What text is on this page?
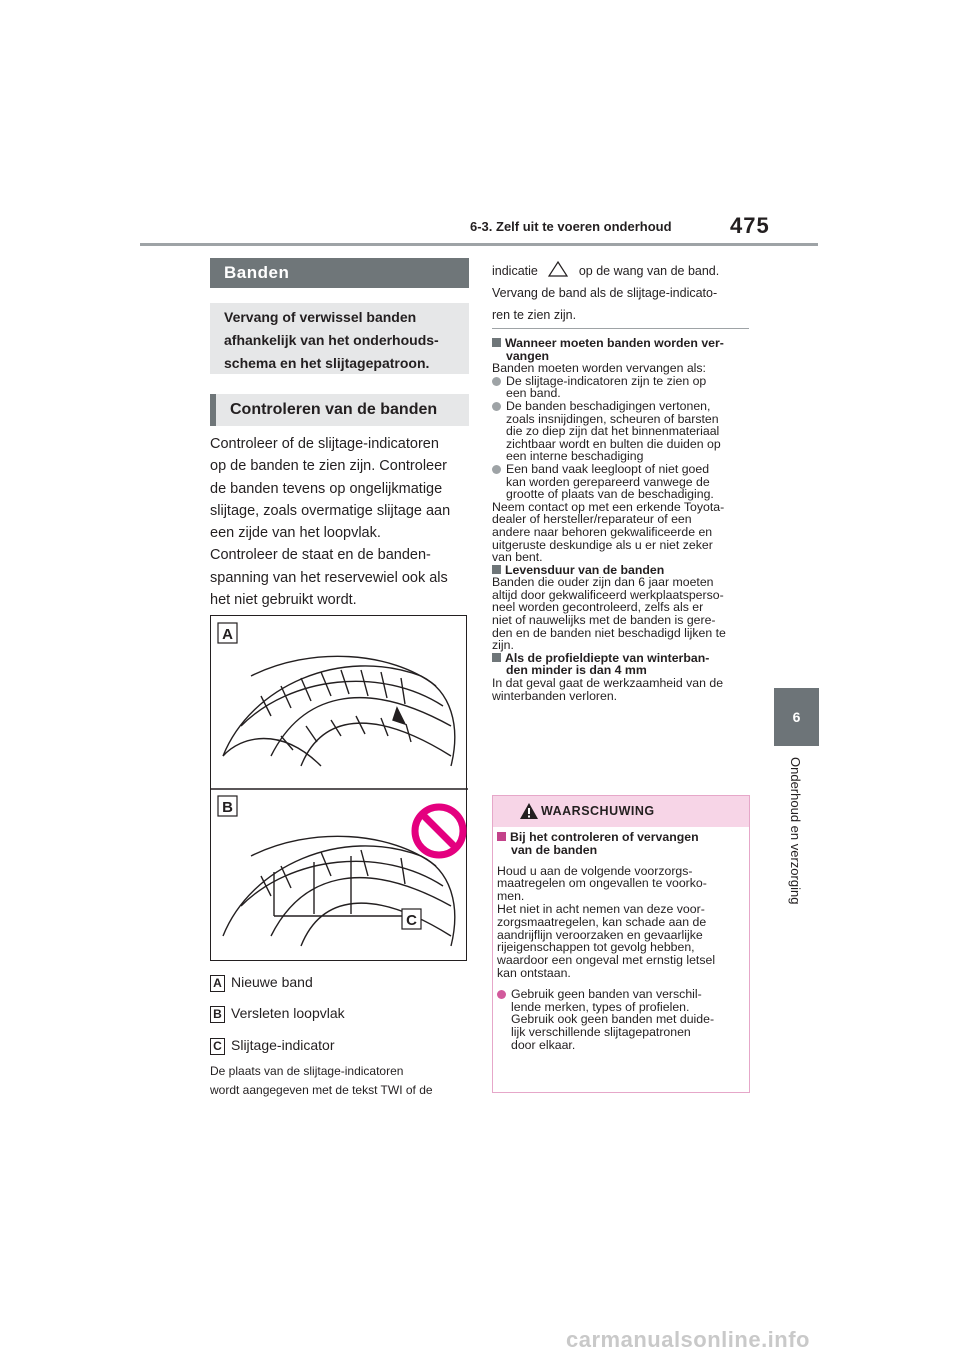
6-3. Zelf uit te voeren onderhoud	475
6
Onderhoud en verzorging
Banden
Vervang of verwissel banden
afhankelijk van het onderhouds-
schema en het slijtagepatroon.
Controleren van de banden
Controleer of de slijtage-indicatoren
op de banden te zien zijn. Controleer
de banden tevens op ongelijkmatige
slijtage, zoals overmatige slijtage aan
een zijde van het loopvlak.
Controleer de staat en de banden-
spanning van het reservewiel ook als
het niet gebruikt wordt.
A
B
C
A Nieuwe band
B Versleten loopvlak
C Slijtage-indicator
De plaats van de slijtage-indicatoren
wordt aangegeven met de tekst TWI of de
indicatie	op de wang van de band.
Vervang de band als de slijtage-indicato-
ren te zien zijn.
Wanneer moeten banden worden ver-
vangen
Banden moeten worden vervangen als:
De slijtage-indicatoren zijn te zien op
een band.
De banden beschadigingen vertonen,
zoals insnijdingen, scheuren of barsten
die zo diep zijn dat het binnenmateriaal
zichtbaar wordt en bulten die duiden op
een interne beschadiging
Een band vaak leegloopt of niet goed
kan worden gerepareerd vanwege de
grootte of plaats van de beschadiging.
Neem contact op met een erkende Toyota-
dealer of hersteller/reparateur of een
andere naar behoren gekwalificeerde en
uitgeruste deskundige als u er niet zeker
van bent.
Levensduur van de banden
Banden die ouder zijn dan 6 jaar moeten
altijd door gekwalificeerd werkplaatsperso-
neel worden gecontroleerd, zelfs als er
niet of nauwelijks met de banden is gere-
den en de banden niet beschadigd lijken te
zijn.
Als de profieldiepte van winterban-
den minder is dan 4 mm
In dat geval gaat de werkzaamheid van de
winterbanden verloren.
WAARSCHUWING
Bij het controleren of vervangen
van de banden
Houd u aan de volgende voorzorgs-
maatregelen om ongevallen te voorko-
men.
Het niet in acht nemen van deze voor-
zorgsmaatregelen, kan schade aan de
aandrijflijn veroorzaken en gevaarlijke
rijeigenschappen tot gevolg hebben,
waardoor een ongeval met ernstig letsel
kan ontstaan.
Gebruik geen banden van verschil-
lende merken, types of profielen.
Gebruik ook geen banden met duide-
lijk verschillende slijtagepatronen
door elkaar.
carmanualsonline.info
